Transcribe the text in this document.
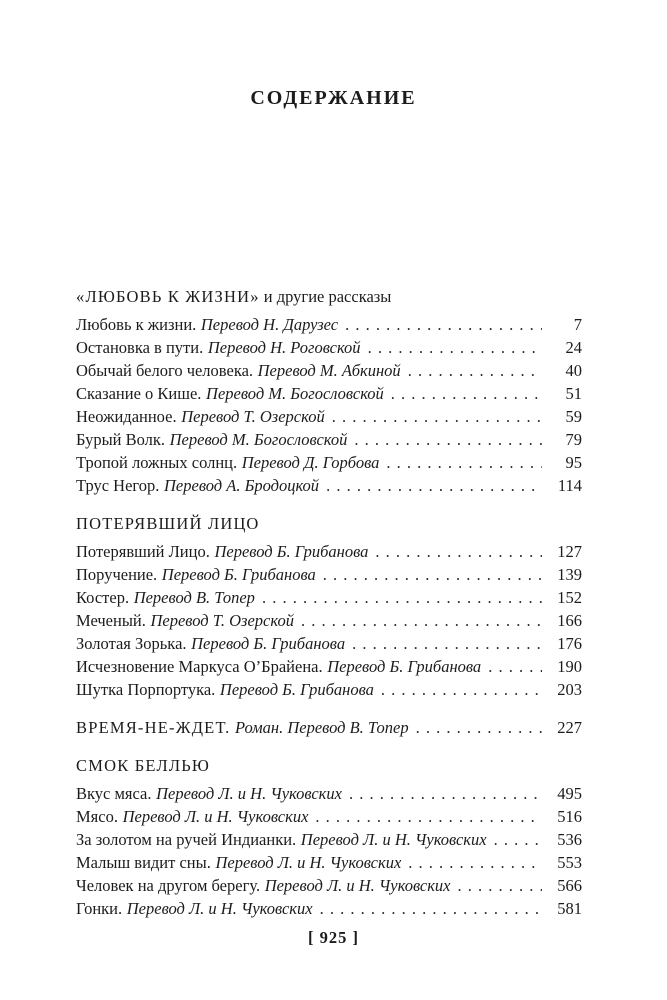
СОДЕРЖАНИЕ
«ЛЮБОВЬ К ЖИЗНИ» и другие рассказы
Любовь к жизни. Перевод Н. Дарузес . . .	7
Остановка в пути. Перевод Н. Роговской . . .	24
Обычай белого человека. Перевод М. Абкиной . . .	40
Сказание о Кише. Перевод М. Богословской . . .	51
Неожиданное. Перевод Т. Озерской . . .	59
Бурый Волк. Перевод М. Богословской . . .	79
Тропой ложных солнц. Перевод Д. Горбова . . .	95
Трус Негор. Перевод А. Бродоцкой . . .	114
ПОТЕРЯВШИЙ ЛИЦО
Потерявший Лицо. Перевод Б. Грибанова . . .	127
Поручение. Перевод Б. Грибанова . . .	139
Костер. Перевод В. Топер . . .	152
Меченый. Перевод Т. Озерской . . .	166
Золотая Зорька. Перевод Б. Грибанова . . .	176
Исчезновение Маркуса О’Брайена. Перевод Б. Грибанова . . .	190
Шутка Порпортука. Перевод Б. Грибанова . . .	203
ВРЕМЯ-НЕ-ЖДЕТ. Роман. Перевод В. Топер . . .	227
СМОК БЕЛЛЬЮ
Вкус мяса. Перевод Л. и Н. Чуковских . . .	495
Мясо. Перевод Л. и Н. Чуковских . . .	516
За золотом на ручей Индианки. Перевод Л. и Н. Чуковских . . .	536
Малыш видит сны. Перевод Л. и Н. Чуковских . . .	553
Человек на другом берегу. Перевод Л. и Н. Чуковских . . .	566
Гонки. Перевод Л. и Н. Чуковских . . .	581
[ 925 ]
